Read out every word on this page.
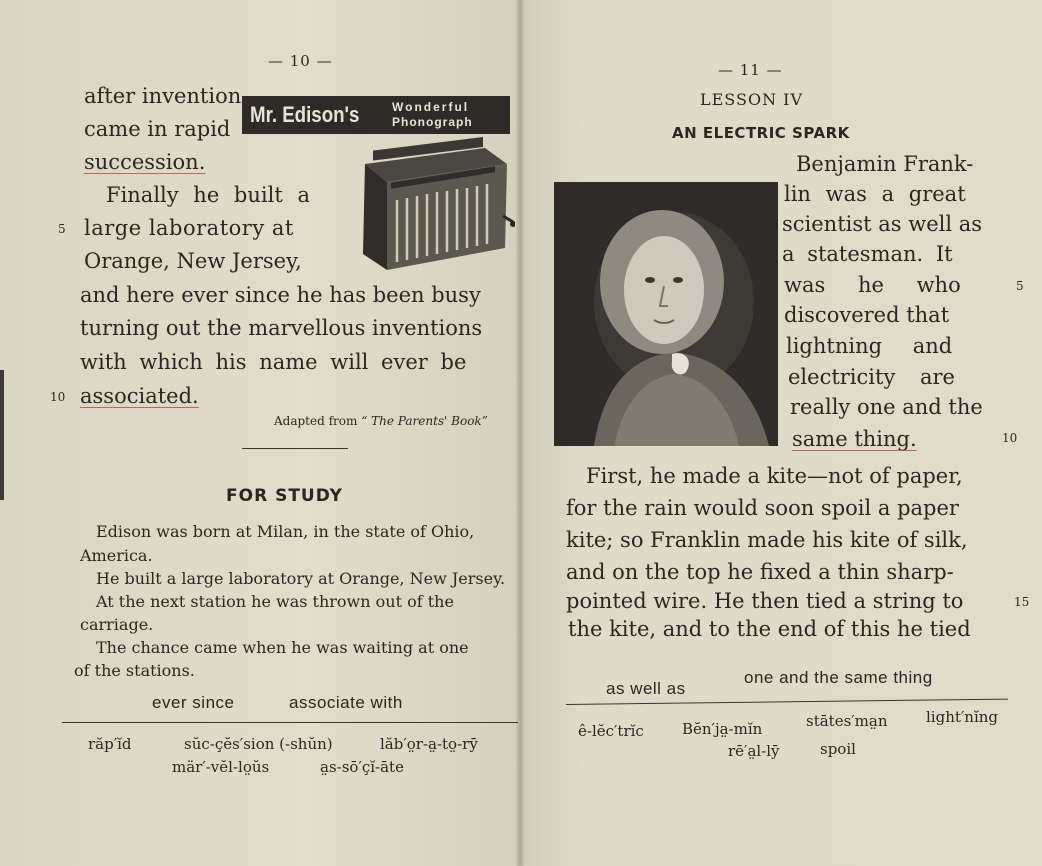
— 10 —
after invention
came in rapid
succession.
Finally he built a
large laboratory at
Orange, New Jersey,
and here ever since he has been busy
turning out the marvellous inventions
with which his name will ever be
associated.
5
10
Mr. Edison's	Wonderful
Phonograph
Adapted from “ The Parents' Book”
FOR STUDY
Edison was born at Milan, in the state of Ohio,
America.
He built a large laboratory at Orange, New Jersey.
At the next station he was thrown out of the
carriage.
The chance came when he was waiting at one
of the stations.
ever since	associate with
răp′ĭd	sŭc-çĕs′sion (-shŭn)	lăb′o̤r-a̤-to̤-rȳ
mär′-vĕl-lo̤ŭs	a̤s-sō′çĭ-āte
— 11 —
LESSON IV
AN ELECTRIC SPARK
Benjamin Frank-
lin was a great
scientist as well as
a statesman. It
was he who
discovered that
lightning and
electricity are
really one and the
same thing.
First, he made a kite—not of paper,
for the rain would soon spoil a paper
kite; so Franklin made his kite of silk,
and on the top he fixed a thin sharp-
pointed wire. He then tied a string to
the kite, and to the end of this he tied
5
10
15
as well as
one and the same thing
ê-lĕc′trĭc	Bĕn′ja̤-mĭn	stātes′ma̤n	light′nĭng
rē′a̤l-lȳ	spoil
